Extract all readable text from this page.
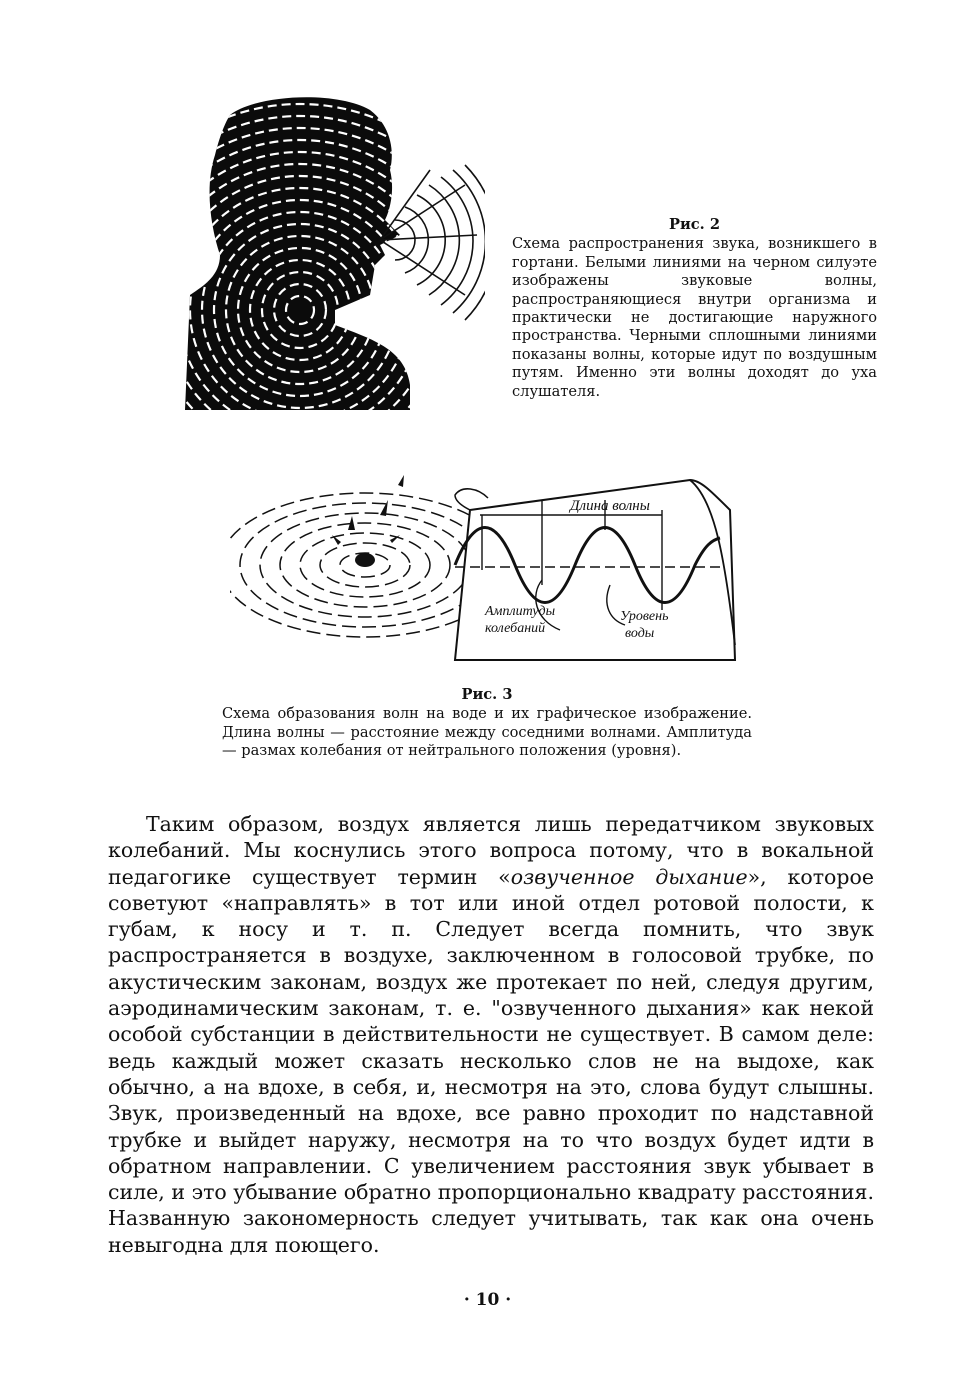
Рис. 2
Схема распространения звука, возникшего в гортани. Белыми линиями на черном силуэте изображены звуковые волны, распространяющиеся внутри организма и практически не достигающие наружного пространства. Черными сплошными линиями показаны волны, которые идут по воздушным путям. Именно эти волны доходят до уха слушателя.
Длина волны
Амплитуды
колебаний
Уровень
воды
Рис. 3
Схема образования волн на воде и их графическое изображение. Длина волны — расстояние между соседними волнами. Амплитуда — размах колебания от нейтрального положения (уровня).

Таким образом, воздух является лишь передатчиком звуковых колебаний. Мы коснулись этого вопроса потому, что в вокальной педагогике существует термин «озвученное дыхание», которое советуют «направлять» в тот или иной отдел ротовой полости, к губам, к носу и т. п. Следует всегда помнить, что звук распространяется в воздухе, заключенном в голосовой трубке, по акустическим законам, воздух же протекает по ней, следуя другим, аэродинамическим законам, т. е. "озвученного дыхания» как некой особой субстанции в действительности не существует. В самом деле: ведь каждый может сказать несколько слов не на выдохе, как обычно, а на вдохе, в себя, и, несмотря на это, слова будут слышны. Звук, произведенный на вдохе, все равно проходит по надставной трубке и выйдет наружу, несмотря на то что воздух будет идти в обратном направлении. С увеличением расстояния звук убывает в силе, и это убывание обратно пропорционально квадрату расстояния. Названную закономерность следует учитывать, так как она очень невыгодна для поющего.

· 10 ·
